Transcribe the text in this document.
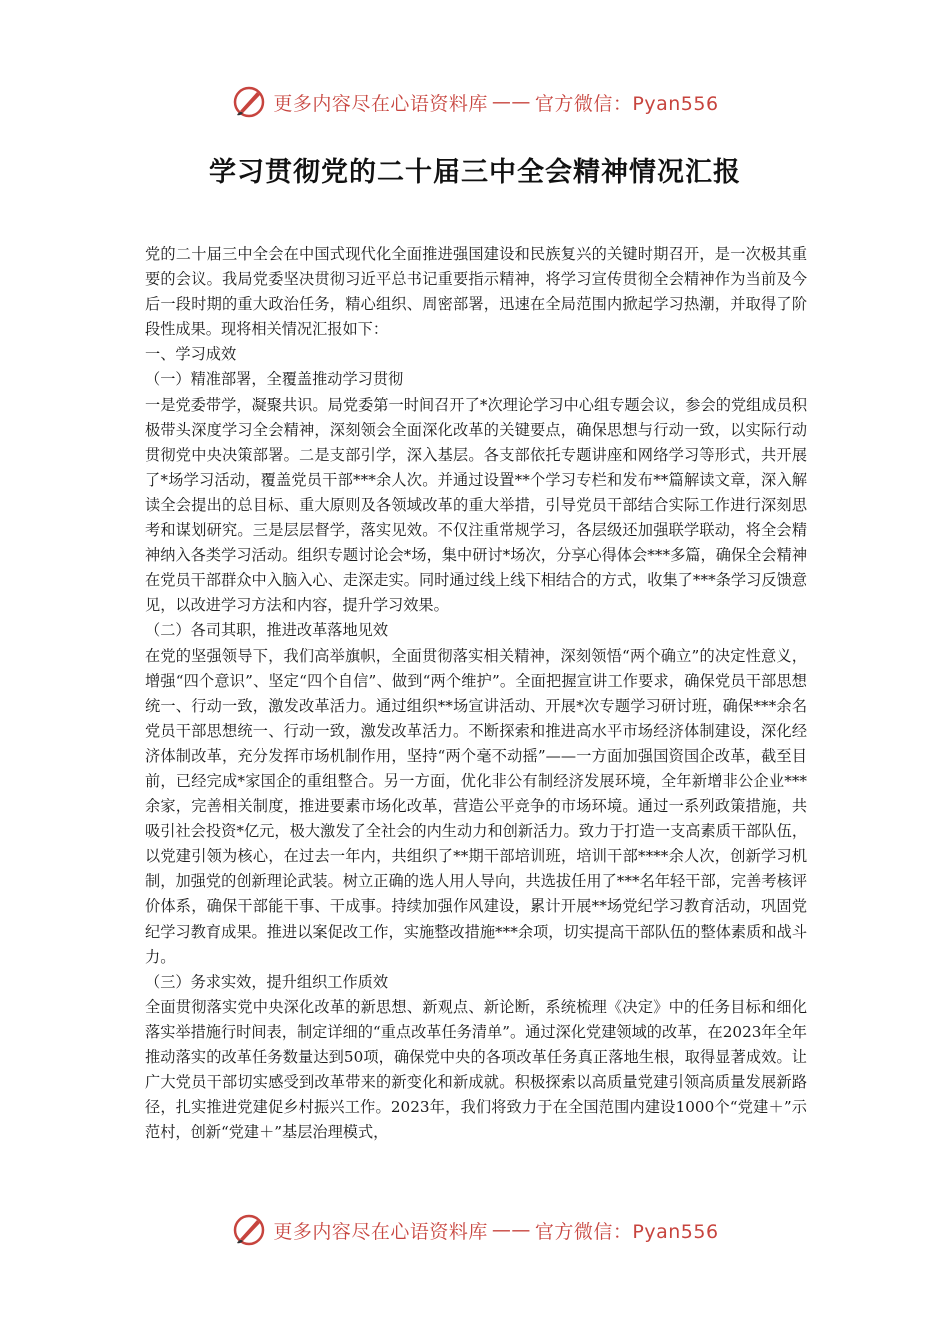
更多内容尽在心语资料库 —— 官方微信：Pyan556
学习贯彻党的二十届三中全会精神情况汇报

党的二十届三中全会在中国式现代化全面推进强国建设和民族复兴的关键时期召开，是一次极其重要的会议。我局党委坚决贯彻习近平总书记重要指示精神，将学习宣传贯彻全会精神作为当前及今后一段时期的重大政治任务，精心组织、周密部署，迅速在全局范围内掀起学习热潮，并取得了阶段性成果。现将相关情况汇报如下：

一、学习成效

（一）精准部署，全覆盖推动学习贯彻

一是党委带学，凝聚共识。局党委第一时间召开了*次理论学习中心组专题会议，参会的党组成员积极带头深度学习全会精神，深刻领会全面深化改革的关键要点，确保思想与行动一致，以实际行动贯彻党中央决策部署。二是支部引学，深入基层。各支部依托专题讲座和网络学习等形式，共开展了*场学习活动，覆盖党员干部***余人次。并通过设置**个学习专栏和发布**篇解读文章，深入解读全会提出的总目标、重大原则及各领域改革的重大举措，引导党员干部结合实际工作进行深刻思考和谋划研究。三是层层督学，落实见效。不仅注重常规学习，各层级还加强联学联动，将全会精神纳入各类学习活动。组织专题讨论会*场，集中研讨*场次，分享心得体会***多篇，确保全会精神在党员干部群众中入脑入心、走深走实。同时通过线上线下相结合的方式，收集了***条学习反馈意见，以改进学习方法和内容，提升学习效果。

（二）各司其职，推进改革落地见效

在党的坚强领导下，我们高举旗帜，全面贯彻落实相关精神，深刻领悟“两个确立”的决定性意义，增强“四个意识”、坚定“四个自信”、做到“两个维护”。全面把握宣讲工作要求，确保党员干部思想统一、行动一致，激发改革活力。通过组织**场宣讲活动、开展*次专题学习研讨班，确保***余名党员干部思想统一、行动一致，激发改革活力。不断探索和推进高水平市场经济体制建设，深化经济体制改革，充分发挥市场机制作用，坚持“两个毫不动摇”——一方面加强国资国企改革，截至目前，已经完成*家国企的重组整合。另一方面，优化非公有制经济发展环境，全年新增非公企业***余家，完善相关制度，推进要素市场化改革，营造公平竞争的市场环境。通过一系列政策措施，共吸引社会投资*亿元，极大激发了全社会的内生动力和创新活力。致力于打造一支高素质干部队伍，以党建引领为核心，在过去一年内，共组织了**期干部培训班，培训干部****余人次，创新学习机制，加强党的创新理论武装。树立正确的选人用人导向，共选拔任用了***名年轻干部，完善考核评价体系，确保干部能干事、干成事。持续加强作风建设，累计开展**场党纪学习教育活动，巩固党纪学习教育成果。推进以案促改工作，实施整改措施***余项，切实提高干部队伍的整体素质和战斗力。

（三）务求实效，提升组织工作质效

全面贯彻落实党中央深化改革的新思想、新观点、新论断，系统梳理《决定》中的任务目标和细化落实举措施行时间表，制定详细的“重点改革任务清单”。通过深化党建领域的改革，在2023年全年推动落实的改革任务数量达到50项，确保党中央的各项改革任务真正落地生根，取得显著成效。让广大党员干部切实感受到改革带来的新变化和新成就。积极探索以高质量党建引领高质量发展新路径，扎实推进党建促乡村振兴工作。2023年，我们将致力于在全国范围内建设1000个“党建＋”示范村，创新“党建＋”基层治理模式，

更多内容尽在心语资料库 —— 官方微信：Pyan556
